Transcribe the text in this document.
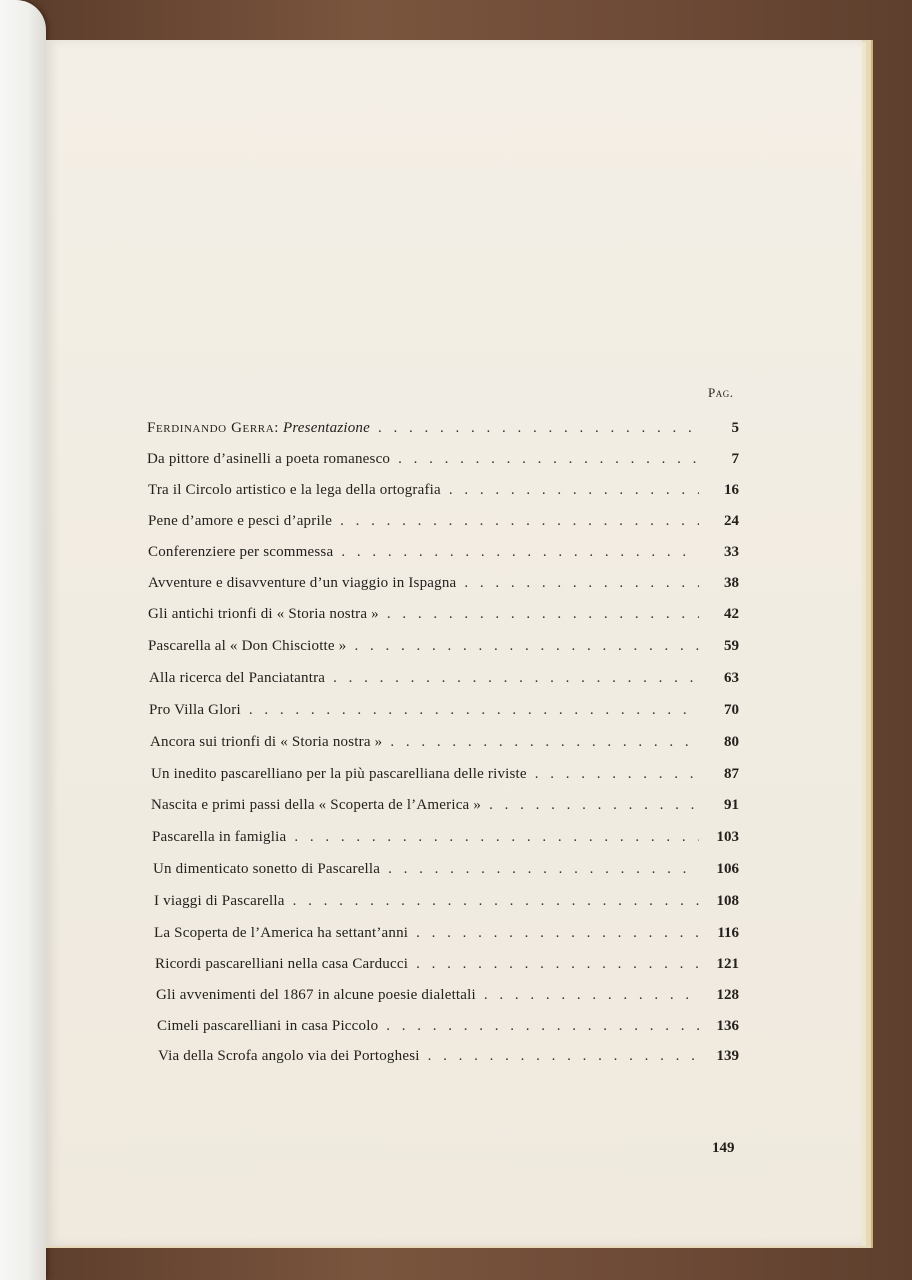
Pag.
Ferdinando Gerra: Presentazione . . .	5
Da pittore d’asinelli a poeta romanesco . . .	7
Tra il Circolo artistico e la lega della ortografia . . .	16
Pene d’amore e pesci d’aprile . . .	24
Conferenziere per scommessa . . .	33
Avventure e disavventure d’un viaggio in Ispagna . . .	38
Gli antichi trionfi di « Storia nostra » . . .	42
Pascarella al « Don Chisciotte » . . .	59
Alla ricerca del Panciatantra . . .	63
Pro Villa Glori . . .	70
Ancora sui trionfi di « Storia nostra » . . .	80
Un inedito pascarelliano per la più pascarelliana delle riviste . . .	87
Nascita e primi passi della « Scoperta de l’America » . . .	91
Pascarella in famiglia . . .	103
Un dimenticato sonetto di Pascarella . . .	106
I viaggi di Pascarella . . .	108
La Scoperta de l’America ha settant’anni . . .	116
Ricordi pascarelliani nella casa Carducci . . .	121
Gli avvenimenti del 1867 in alcune poesie dialettali . . .	128
Cimeli pascarelliani in casa Piccolo . . .	136
Via della Scrofa angolo via dei Portoghesi . . .	139
149
